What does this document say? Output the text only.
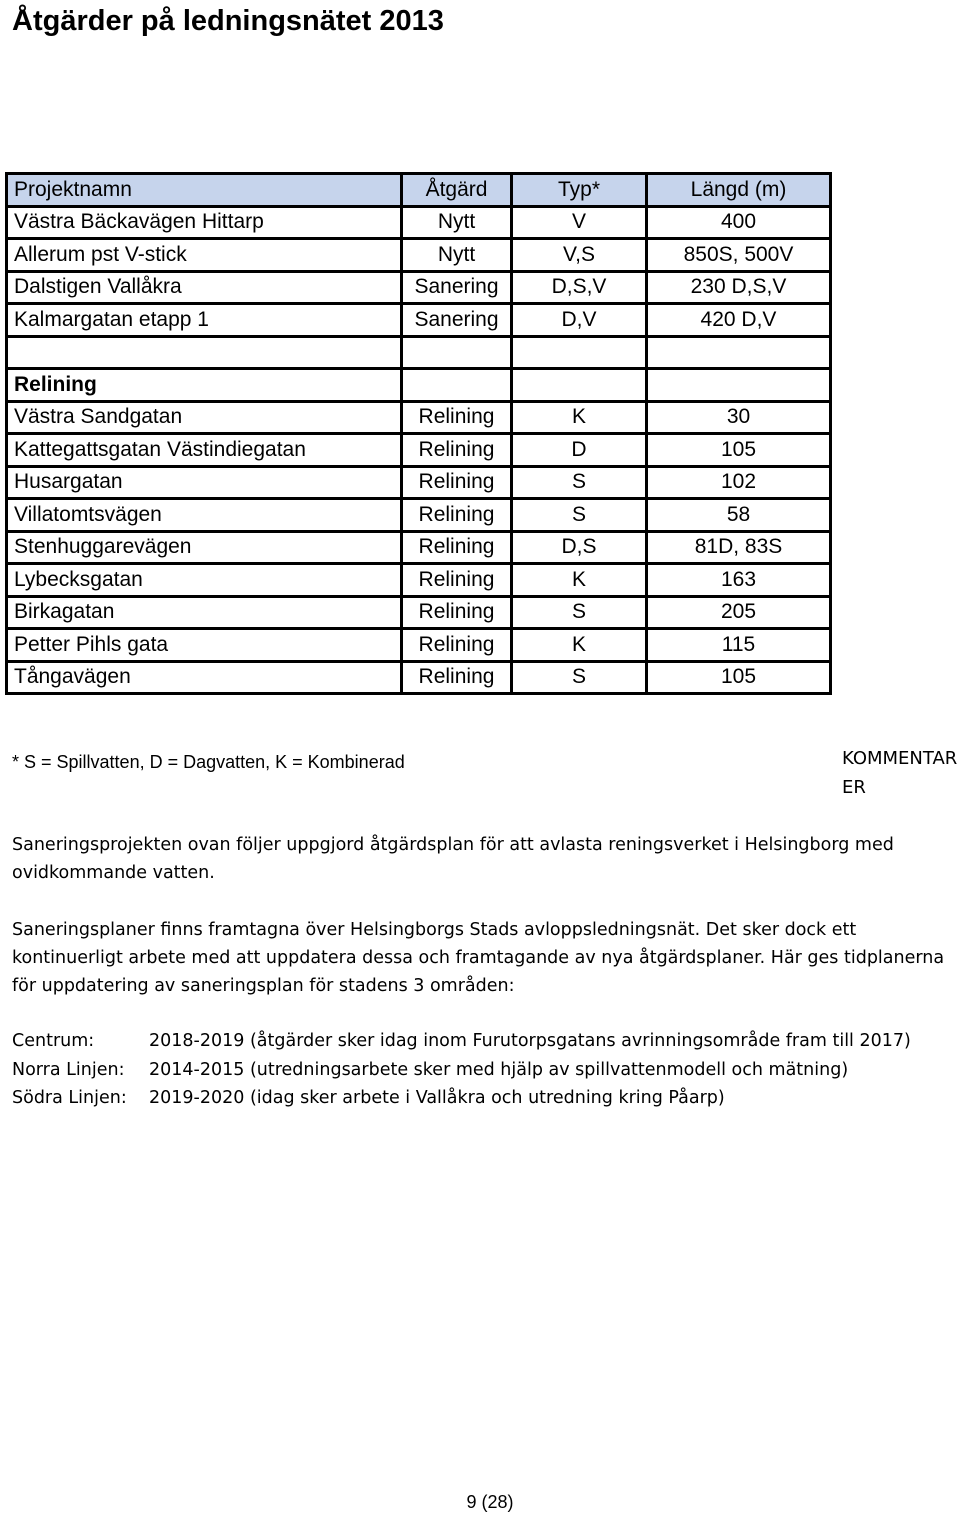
Åtgärder på ledningsnätet 2013
Projektnamn	Åtgärd	Typ*	Längd (m)
Västra Bäckavägen Hittarp	Nytt	V	400
Allerum pst V-stick	Nytt	V,S	850S, 500V
Dalstigen Vallåkra	Sanering	D,S,V	230 D,S,V
Kalmargatan etapp 1	Sanering	D,V	420 D,V

Relining			
Västra Sandgatan	Relining	K	30
Kattegattsgatan Västindiegatan	Relining	D	105
Husargatan	Relining	S	102
Villatomtsvägen	Relining	S	58
Stenhuggarevägen	Relining	D,S	81D, 83S
Lybecksgatan	Relining	K	163
Birkagatan	Relining	S	205
Petter Pihls gata	Relining	K	115
Tångavägen	Relining	S	105
* S = Spillvatten, D = Dagvatten, K = Kombinerad	KOMMENTARER

Saneringsprojekten ovan följer uppgjord åtgärdsplan för att avlasta reningsverket i Helsingborg med ovidkommande vatten.

Saneringsplaner finns framtagna över Helsingborgs Stads avloppsledningsnät. Det sker dock ett kontinuerligt arbete med att uppdatera dessa och framtagande av nya åtgärdsplaner. Här ges tidplanerna för uppdatering av saneringsplan för stadens 3 områden:

Centrum:	2018-2019 (åtgärder sker idag inom Furutorpsgatans avrinningsområde fram till 2017)
Norra Linjen:	2014-2015 (utredningsarbete sker med hjälp av spillvattenmodell och mätning)
Södra Linjen:	2019-2020 (idag sker arbete i Vallåkra och utredning kring Påarp)
9 (28)
